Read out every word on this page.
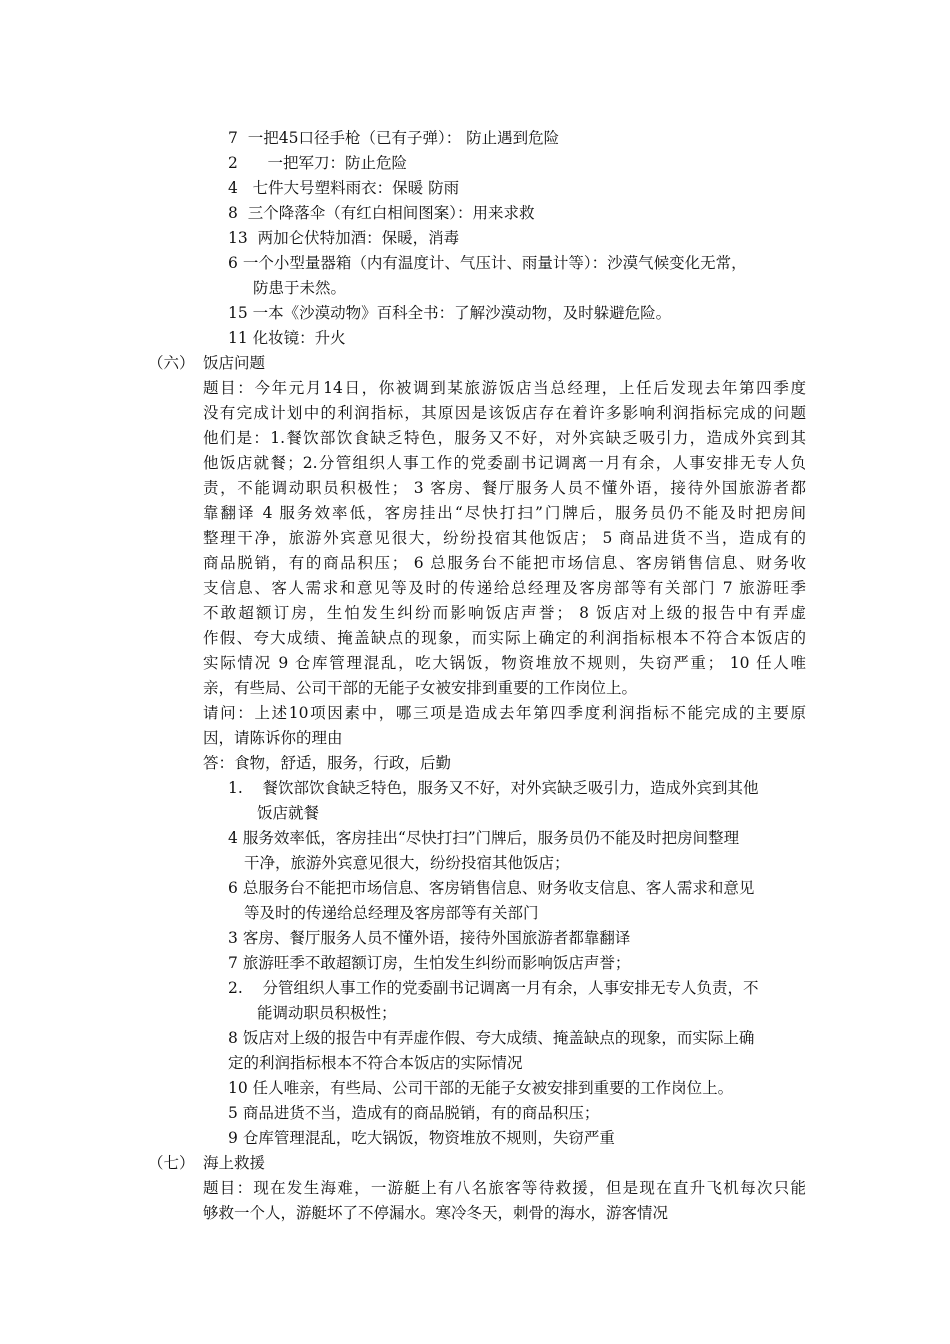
7 一把45口径手枪（已有子弹）： 防止遇到危险
2 一把军刀：防止危险
4 七件大号塑料雨衣：保暖 防雨
8 三个降落伞（有红白相间图案）：用来求救
13 两加仑伏特加酒：保暖，消毒
6 一个小型量器箱（内有温度计、气压计、雨量计等）：沙漠气候变化无常，
防患于未然。
15 一本《沙漠动物》百科全书：了解沙漠动物，及时躲避危险。
11 化妆镜：升火
（六） 饭店问题
题目：今年元月14日，你被调到某旅游饭店当总经理，上任后发现去年第四季度
没有完成计划中的利润指标，其原因是该饭店存在着许多影响利润指标完成的问题
他们是：1.餐饮部饮食缺乏特色，服务又不好，对外宾缺乏吸引力，造成外宾到其
他饭店就餐；2.分管组织人事工作的党委副书记调离一月有余，人事安排无专人负
责，不能调动职员积极性； 3 客房、餐厅服务人员不懂外语，接待外国旅游者都
靠翻译 4 服务效率低，客房挂出“尽快打扫”门牌后，服务员仍不能及时把房间
整理干净，旅游外宾意见很大，纷纷投宿其他饭店； 5 商品进货不当，造成有的
商品脱销，有的商品积压； 6 总服务台不能把市场信息、客房销售信息、财务收
支信息、客人需求和意见等及时的传递给总经理及客房部等有关部门 7 旅游旺季
不敢超额订房，生怕发生纠纷而影响饭店声誉； 8 饭店对上级的报告中有弄虚
作假、夸大成绩、掩盖缺点的现象，而实际上确定的利润指标根本不符合本饭店的
实际情况 9 仓库管理混乱，吃大锅饭，物资堆放不规则，失窃严重； 10 任人唯
亲，有些局、公司干部的无能子女被安排到重要的工作岗位上。
请问：上述10项因素中，哪三项是造成去年第四季度利润指标不能完成的主要原
因，请陈诉你的理由
答：食物，舒适，服务，行政，后勤
1. 餐饮部饮食缺乏特色，服务又不好，对外宾缺乏吸引力，造成外宾到其他
饭店就餐
4 服务效率低，客房挂出“尽快打扫”门牌后，服务员仍不能及时把房间整理
干净，旅游外宾意见很大，纷纷投宿其他饭店；
6 总服务台不能把市场信息、客房销售信息、财务收支信息、客人需求和意见
等及时的传递给总经理及客房部等有关部门
3 客房、餐厅服务人员不懂外语，接待外国旅游者都靠翻译
7 旅游旺季不敢超额订房，生怕发生纠纷而影响饭店声誉；
2. 分管组织人事工作的党委副书记调离一月有余，人事安排无专人负责，不
能调动职员积极性；
8 饭店对上级的报告中有弄虚作假、夸大成绩、掩盖缺点的现象，而实际上确
定的利润指标根本不符合本饭店的实际情况
10 任人唯亲，有些局、公司干部的无能子女被安排到重要的工作岗位上。
5 商品进货不当，造成有的商品脱销，有的商品积压；
9 仓库管理混乱，吃大锅饭，物资堆放不规则，失窃严重
（七） 海上救援
题目：现在发生海难，一游艇上有八名旅客等待救援，但是现在直升飞机每次只能
够救一个人，游艇坏了不停漏水。寒冷冬天，刺骨的海水，游客情况
